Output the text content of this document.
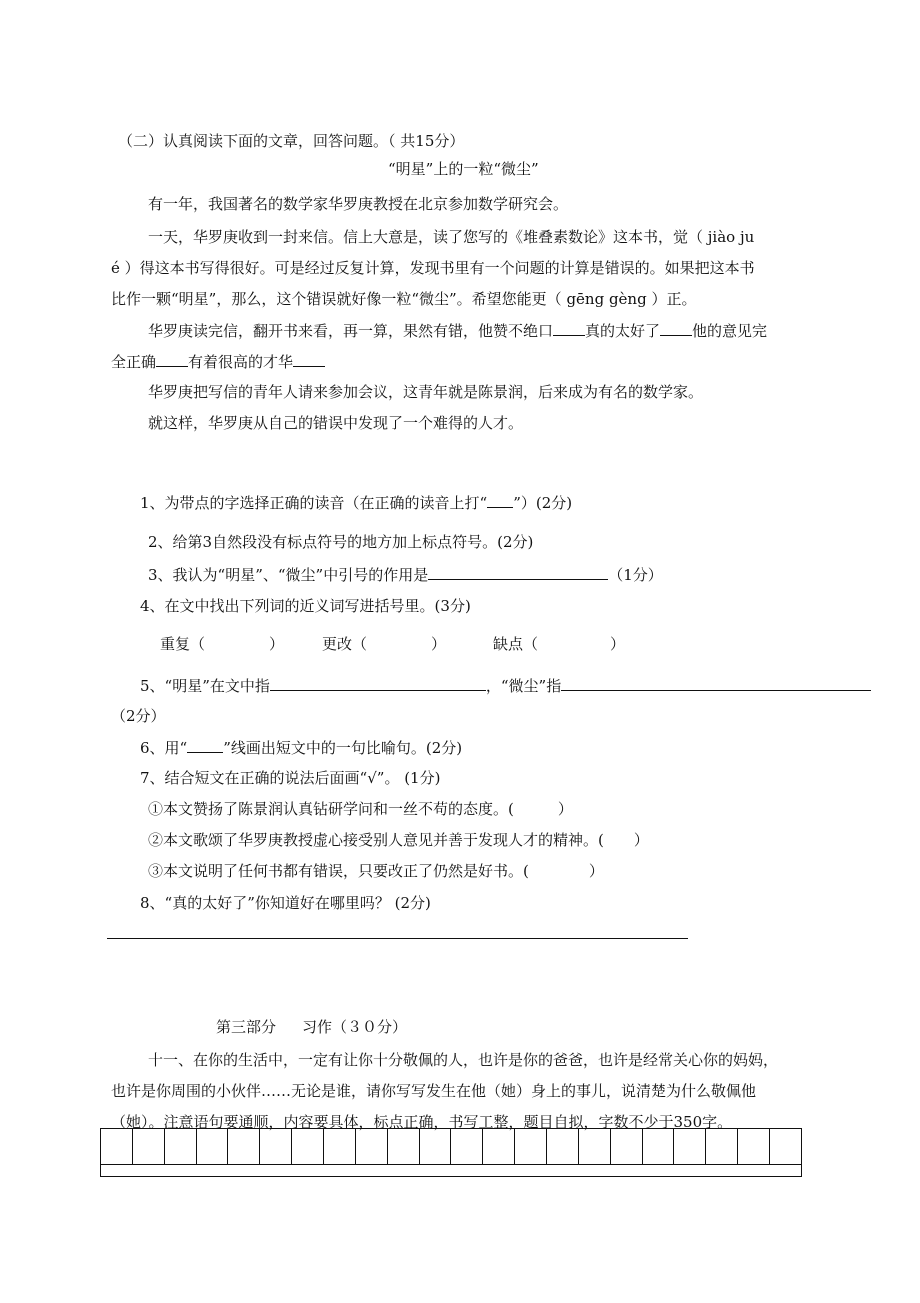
（二）认真阅读下面的文章，回答问题。（ 共15分）
“明星”上的一粒“微尘”
有一年，我国著名的数学家华罗庚教授在北京参加数学研究会。
一天，华罗庚收到一封来信。信上大意是，读了您写的《堆叠素数论》这本书，觉（ jiào ju
é ）得这本书写得很好。可是经过反复计算，发现书里有一个问题的计算是错误的。如果把这本书
比作一颗“明星”，那么，这个错误就好像一粒“微尘”。希望您能更（ gēng gèng ）正。
华罗庚读完信，翻开书来看，再一算，果然有错，他赞不绝口 真的太好了 他的意见完
全正确 有着很高的才华
华罗庚把写信的青年人请来参加会议，这青年就是陈景润，后来成为有名的数学家。
就这样，华罗庚从自己的错误中发现了一个难得的人才。
1、为带点的字选择正确的读音（在正确的读音上打“ ”）(2分)
2、给第3自然段没有标点符号的地方加上标点符号。(2分)
3、我认为“明星”、“微尘”中引号的作用是	（1分）
4、在文中找出下列词的近义词写进括号里。(3分)
重复（	）	更改（	）	缺点（	）
5、“明星”在文中指	，“微尘”指
（2分）
6、用“ ”线画出短文中的一句比喻句。(2分)
7、结合短文在正确的说法后面画“√”。 (1分)
①本文赞扬了陈景润认真钻研学问和一丝不苟的态度。(	）
②本文歌颂了华罗庚教授虚心接受别人意见并善于发现人才的精神。( ）
③本文说明了任何书都有错误，只要改正了仍然是好书。(	）
8、“真的太好了”你知道好在哪里吗？ (2分)
第三部分 习作（３０分）
十一、在你的生活中，一定有让你十分敬佩的人，也许是你的爸爸，也许是经常关心你的妈妈，
也许是你周围的小伙伴……无论是谁，请你写写发生在他（她）身上的事儿，说清楚为什么敬佩他
（她）。注意语句要通顺，内容要具体，标点正确，书写工整，题目自拟，字数不少于350字。
